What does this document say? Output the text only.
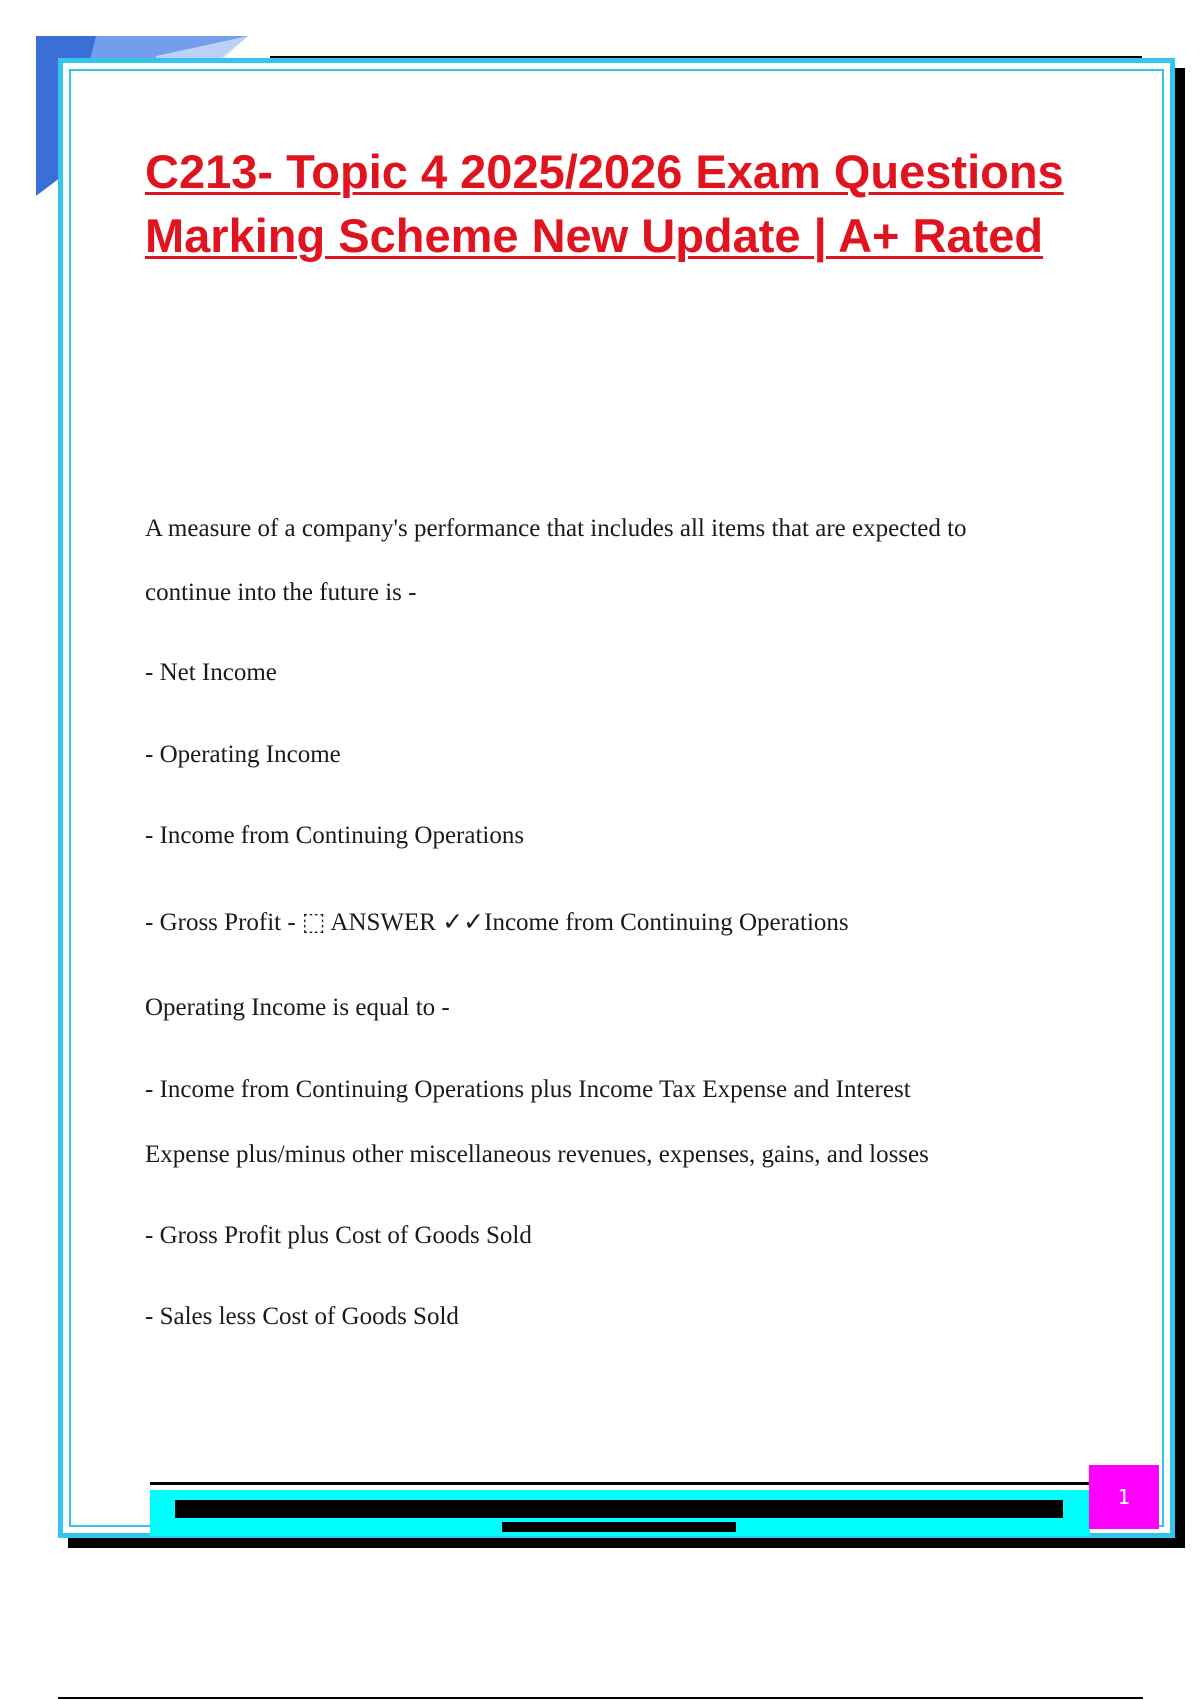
C213- Topic 4 2025/2026 Exam Questions Marking Scheme New Update | A+ Rated
A measure of a company's performance that includes all items that are expected to
continue into the future is -
- Net Income
- Operating Income
- Income from Continuing Operations
- Gross Profit - ⬚ ANSWER ✓✓Income from Continuing Operations
Operating Income is equal to -
- Income from Continuing Operations plus Income Tax Expense and Interest
Expense plus/minus other miscellaneous revenues, expenses, gains, and losses
- Gross Profit plus Cost of Goods Sold
- Sales less Cost of Goods Sold
1
